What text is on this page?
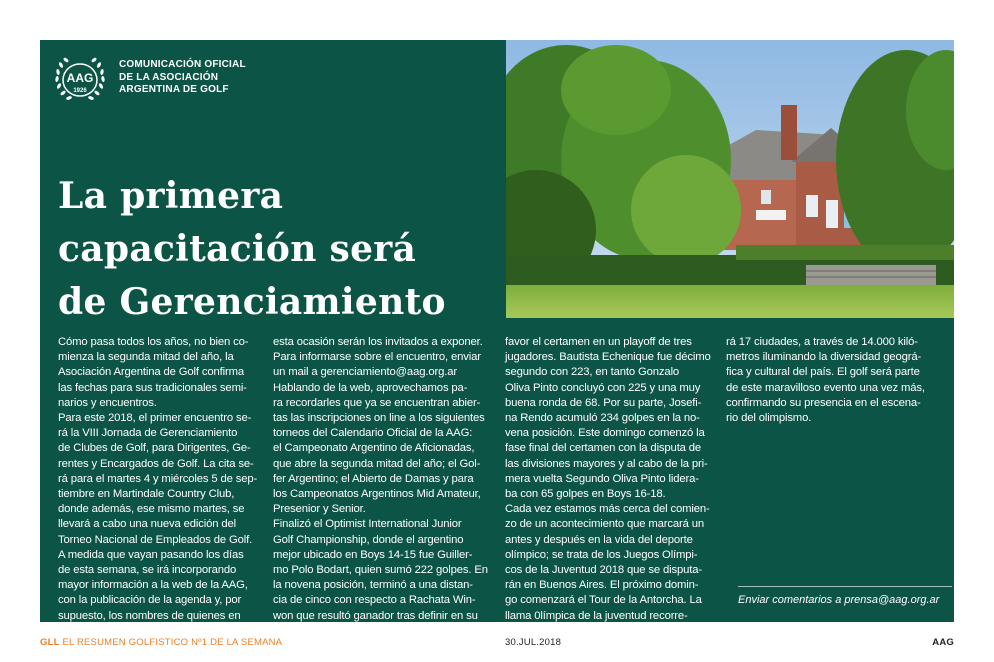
AAG
1926
COMUNICACIÓN OFICIAL
DE LA ASOCIACIÓN
ARGENTINA DE GOLF
La primera
capacitación será
de Gerenciamiento

Cómo pasa todos los años, no bien co-

mienza la segunda mitad del año, la

Asociación Argentina de Golf confirma

las fechas para sus tradicionales semi-

narios y encuentros.

Para este 2018, el primer encuentro se-

rá la VIII Jornada de Gerenciamiento

de Clubes de Golf, para Dirigentes, Ge-

rentes y Encargados de Golf. La cita se-

rá para el martes 4 y miércoles 5 de sep-

tiembre en Martindale Country Club,

donde además, ese mismo martes, se

llevará a cabo una nueva edición del

Torneo Nacional de Empleados de Golf.

A medida que vayan pasando los días

de esta semana, se irá incorporando

mayor información a la web de la AAG,

con la publicación de la agenda y, por

supuesto, los nombres de quienes en

esta ocasión serán los invitados a exponer.

Para informarse sobre el encuentro, enviar

un mail a gerenciamiento@aag.org.ar

Hablando de la web, aprovechamos pa-

ra recordarles que ya se encuentran abier-

tas las inscripciones on line a los siguientes

torneos del Calendario Oficial de la AAG:

el Campeonato Argentino de Aficionadas,

que abre la segunda mitad del año; el Gol-

fer Argentino; el Abierto de Damas y para

los Campeonatos Argentinos Mid Amateur,

Presenior y Senior.

Finalizó el Optimist International Junior

Golf Championship, donde el argentino

mejor ubicado en Boys 14-15 fue Guiller-

mo Polo Bodart, quien sumó 222 golpes. En

la novena posición, terminó a una distan-

cia de cinco con respecto a Rachata Win-

won que resultó ganador tras definir en su

favor el certamen en un playoff de tres

jugadores. Bautista Echenique fue décimo

segundo con 223, en tanto Gonzalo

Oliva Pinto concluyó con 225 y una muy

buena ronda de 68. Por su parte, Josefi-

na Rendo acumuló 234 golpes en la no-

vena posición. Este domingo comenzó la

fase final del certamen con la disputa de

las divisiones mayores y al cabo de la pri-

mera vuelta Segundo Oliva Pinto lidera-

ba con 65 golpes en Boys 16-18.

Cada vez estamos más cerca del comien-

zo de un acontecimiento que marcará un

antes y después en la vida del deporte

olímpico; se trata de los Juegos Olímpi-

cos de la Juventud 2018 que se disputa-

rán en Buenos Aires. El próximo domin-

go comenzará el Tour de la Antorcha. La

llama 0límpica de la juventud recorre-

rá 17 ciudades, a través de 14.000 kiló-

metros iluminando la diversidad geográ-

fica y cultural del país. El golf será parte

de este maravilloso evento una vez más,

confirmando su presencia en el escena-

rio del olimpismo.

Enviar comentarios a prensa@aag.org.ar
GLL EL RESUMEN GOLFISTICO Nº1 DE LA SEMANA	30.JUL.2018	AAG
